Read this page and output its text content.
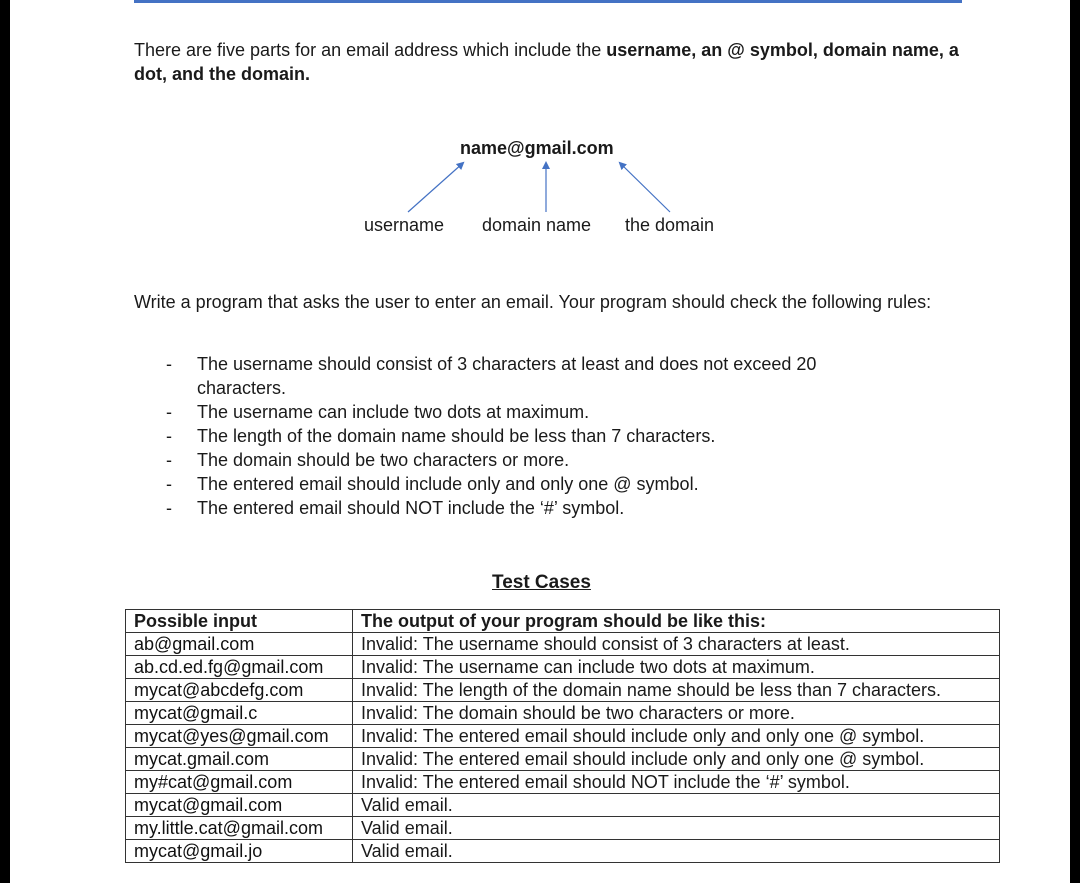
There are five parts for an email address which include the username, an @ symbol, domain name, a dot, and the domain.

name@gmail.com
username domain name the domain

Write a program that asks the user to enter an email. Your program should check the following rules:

- The username should consist of 3 characters at least and does not exceed 20 characters.
- The username can include two dots at maximum.
- The length of the domain name should be less than 7 characters.
- The domain should be two characters or more.
- The entered email should include only and only one @ symbol.
- The entered email should NOT include the ‘#’ symbol.
Test Cases
Possible input	The output of your program should be like this:
ab@gmail.com	Invalid: The username should consist of 3 characters at least.
ab.cd.ed.fg@gmail.com	Invalid: The username can include two dots at maximum.
mycat@abcdefg.com	Invalid: The length of the domain name should be less than 7 characters.
mycat@gmail.c	Invalid: The domain should be two characters or more.
mycat@yes@gmail.com	Invalid: The entered email should include only and only one @ symbol.
mycat.gmail.com	Invalid: The entered email should include only and only one @ symbol.
my#cat@gmail.com	Invalid: The entered email should NOT include the ‘#’ symbol.
mycat@gmail.com	Valid email.
my.little.cat@gmail.com	Valid email.
mycat@gmail.jo	Valid email.
